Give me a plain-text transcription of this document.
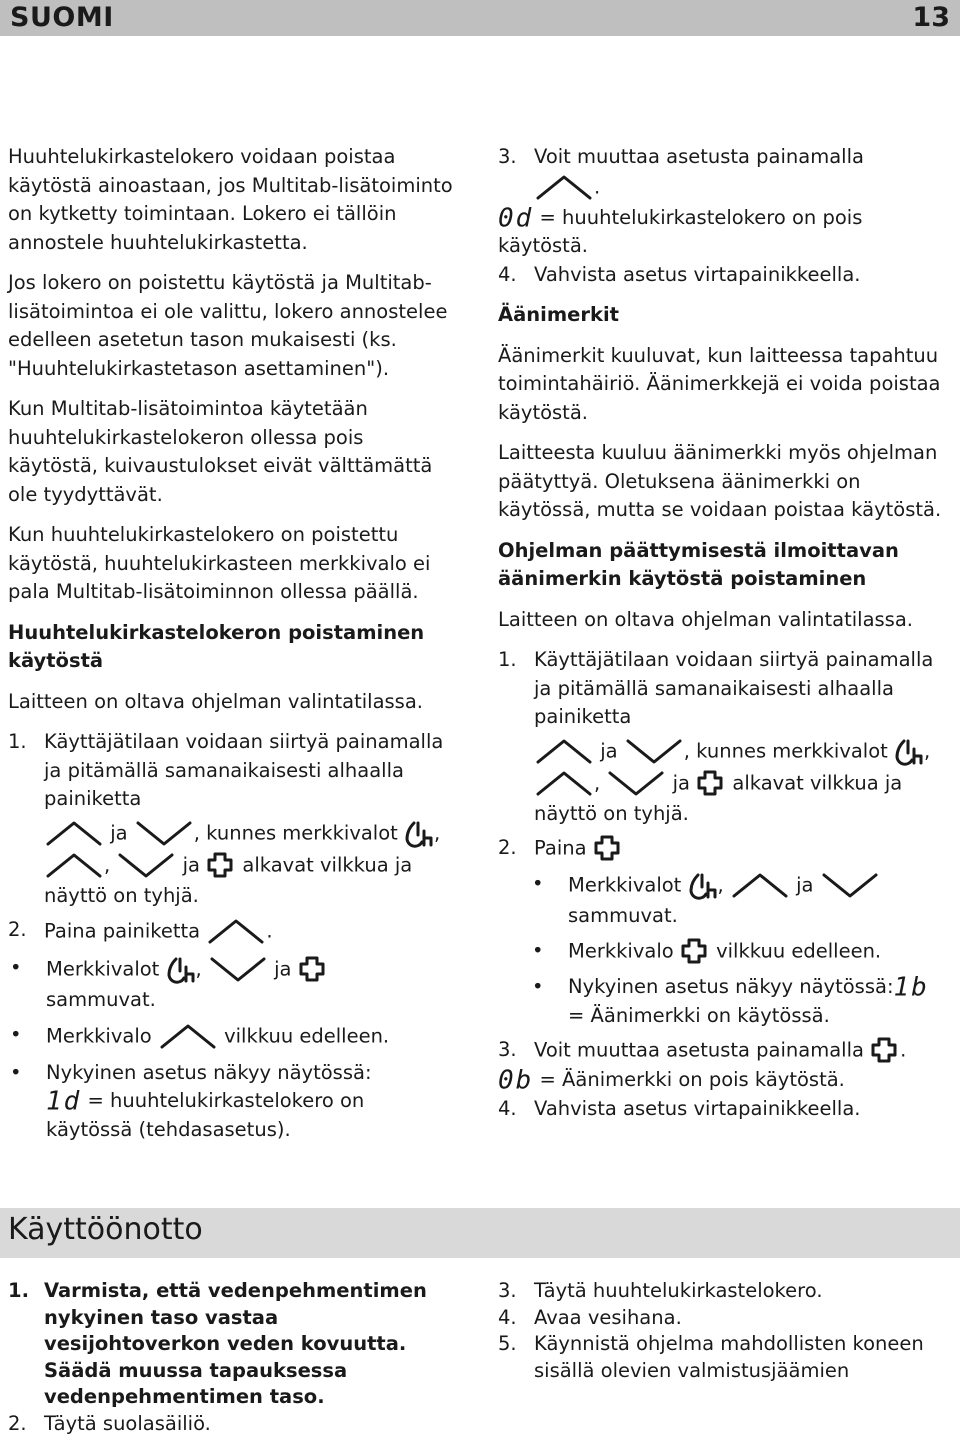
SUOMI	13

Huuhtelukirkastelokero voidaan poistaa käytöstä ainoastaan, jos Multitab-lisätoiminto on kytketty toimintaan. Lokero ei tällöin annostele huuhtelukirkastetta.

Jos lokero on poistettu käytöstä ja Multitab-lisätoimintoa ei ole valittu, lokero annostelee edelleen asetetun tason mukaisesti (ks. "Huuhtelukirkastetason asettaminen").

Kun Multitab-lisätoimintoa käytetään huuhtelukirkastelokeron ollessa pois käytöstä, kuivaustulokset eivät välttämättä ole tyydyttävät.

Kun huuhtelukirkastelokero on poistettu käytöstä, huuhtelukirkasteen merkkivalo ei pala Multitab-lisätoiminnon ollessa päällä.

Huuhtelukirkastelokeron poistaminen käytöstä

Laitteen on oltava ohjelman valintatilassa.

1. Käyttäjätilaan voidaan siirtyä painamalla ja pitämällä samanaikaisesti alhaalla painiketta
ja	, kunnes merkkivalot ,
,	ja alkavat vilkkua ja
näyttö on tyhjä.
2. Paina painiketta	.
• Merkkivalot ,	ja
sammuvat.
• Merkkivalo	vilkkuu edelleen.
• Nykyinen asetus näkyy näytössä:
1d = huuhtelukirkastelokero on käytössä (tehdasasetus).
3. Voit muuttaa asetusta painamalla
.
0d = huuhtelukirkastelokero on pois käytöstä.
4. Vahvista asetus virtapainikkeella.

Äänimerkit

Äänimerkit kuuluvat, kun laitteessa tapahtuu toimintahäiriö. Äänimerkkejä ei voida poistaa käytöstä.

Laitteesta kuuluu äänimerkki myös ohjelman päätyttyä. Oletuksena äänimerkki on käytössä, mutta se voidaan poistaa käytöstä.

Ohjelman päättymisestä ilmoittavan äänimerkin käytöstä poistaminen

Laitteen on oltava ohjelman valintatilassa.

1. Käyttäjätilaan voidaan siirtyä painamalla ja pitämällä samanaikaisesti alhaalla painiketta
ja	, kunnes merkkivalot ,
,	ja alkavat vilkkua ja
näyttö on tyhjä.
2. Paina
• Merkkivalot ,	ja
sammuvat.
• Merkkivalo vilkkuu edelleen.
• Nykyinen asetus näkyy näytössä:1b
= Äänimerkki on käytössä.
3. Voit muuttaa asetusta painamalla .
0b = Äänimerkki on pois käytöstä.
4. Vahvista asetus virtapainikkeella.
Käyttöönotto
1. Varmista, että vedenpehmentimen nykyinen taso vastaa vesijohtoverkon veden kovuutta. Säädä muussa tapauksessa vedenpehmentimen taso.
2. Täytä suolasäiliö.
3. Täytä huuhtelukirkastelokero.
4. Avaa vesihana.
5. Käynnistä ohjelma mahdollisten koneen sisällä olevien valmistusjäämien
